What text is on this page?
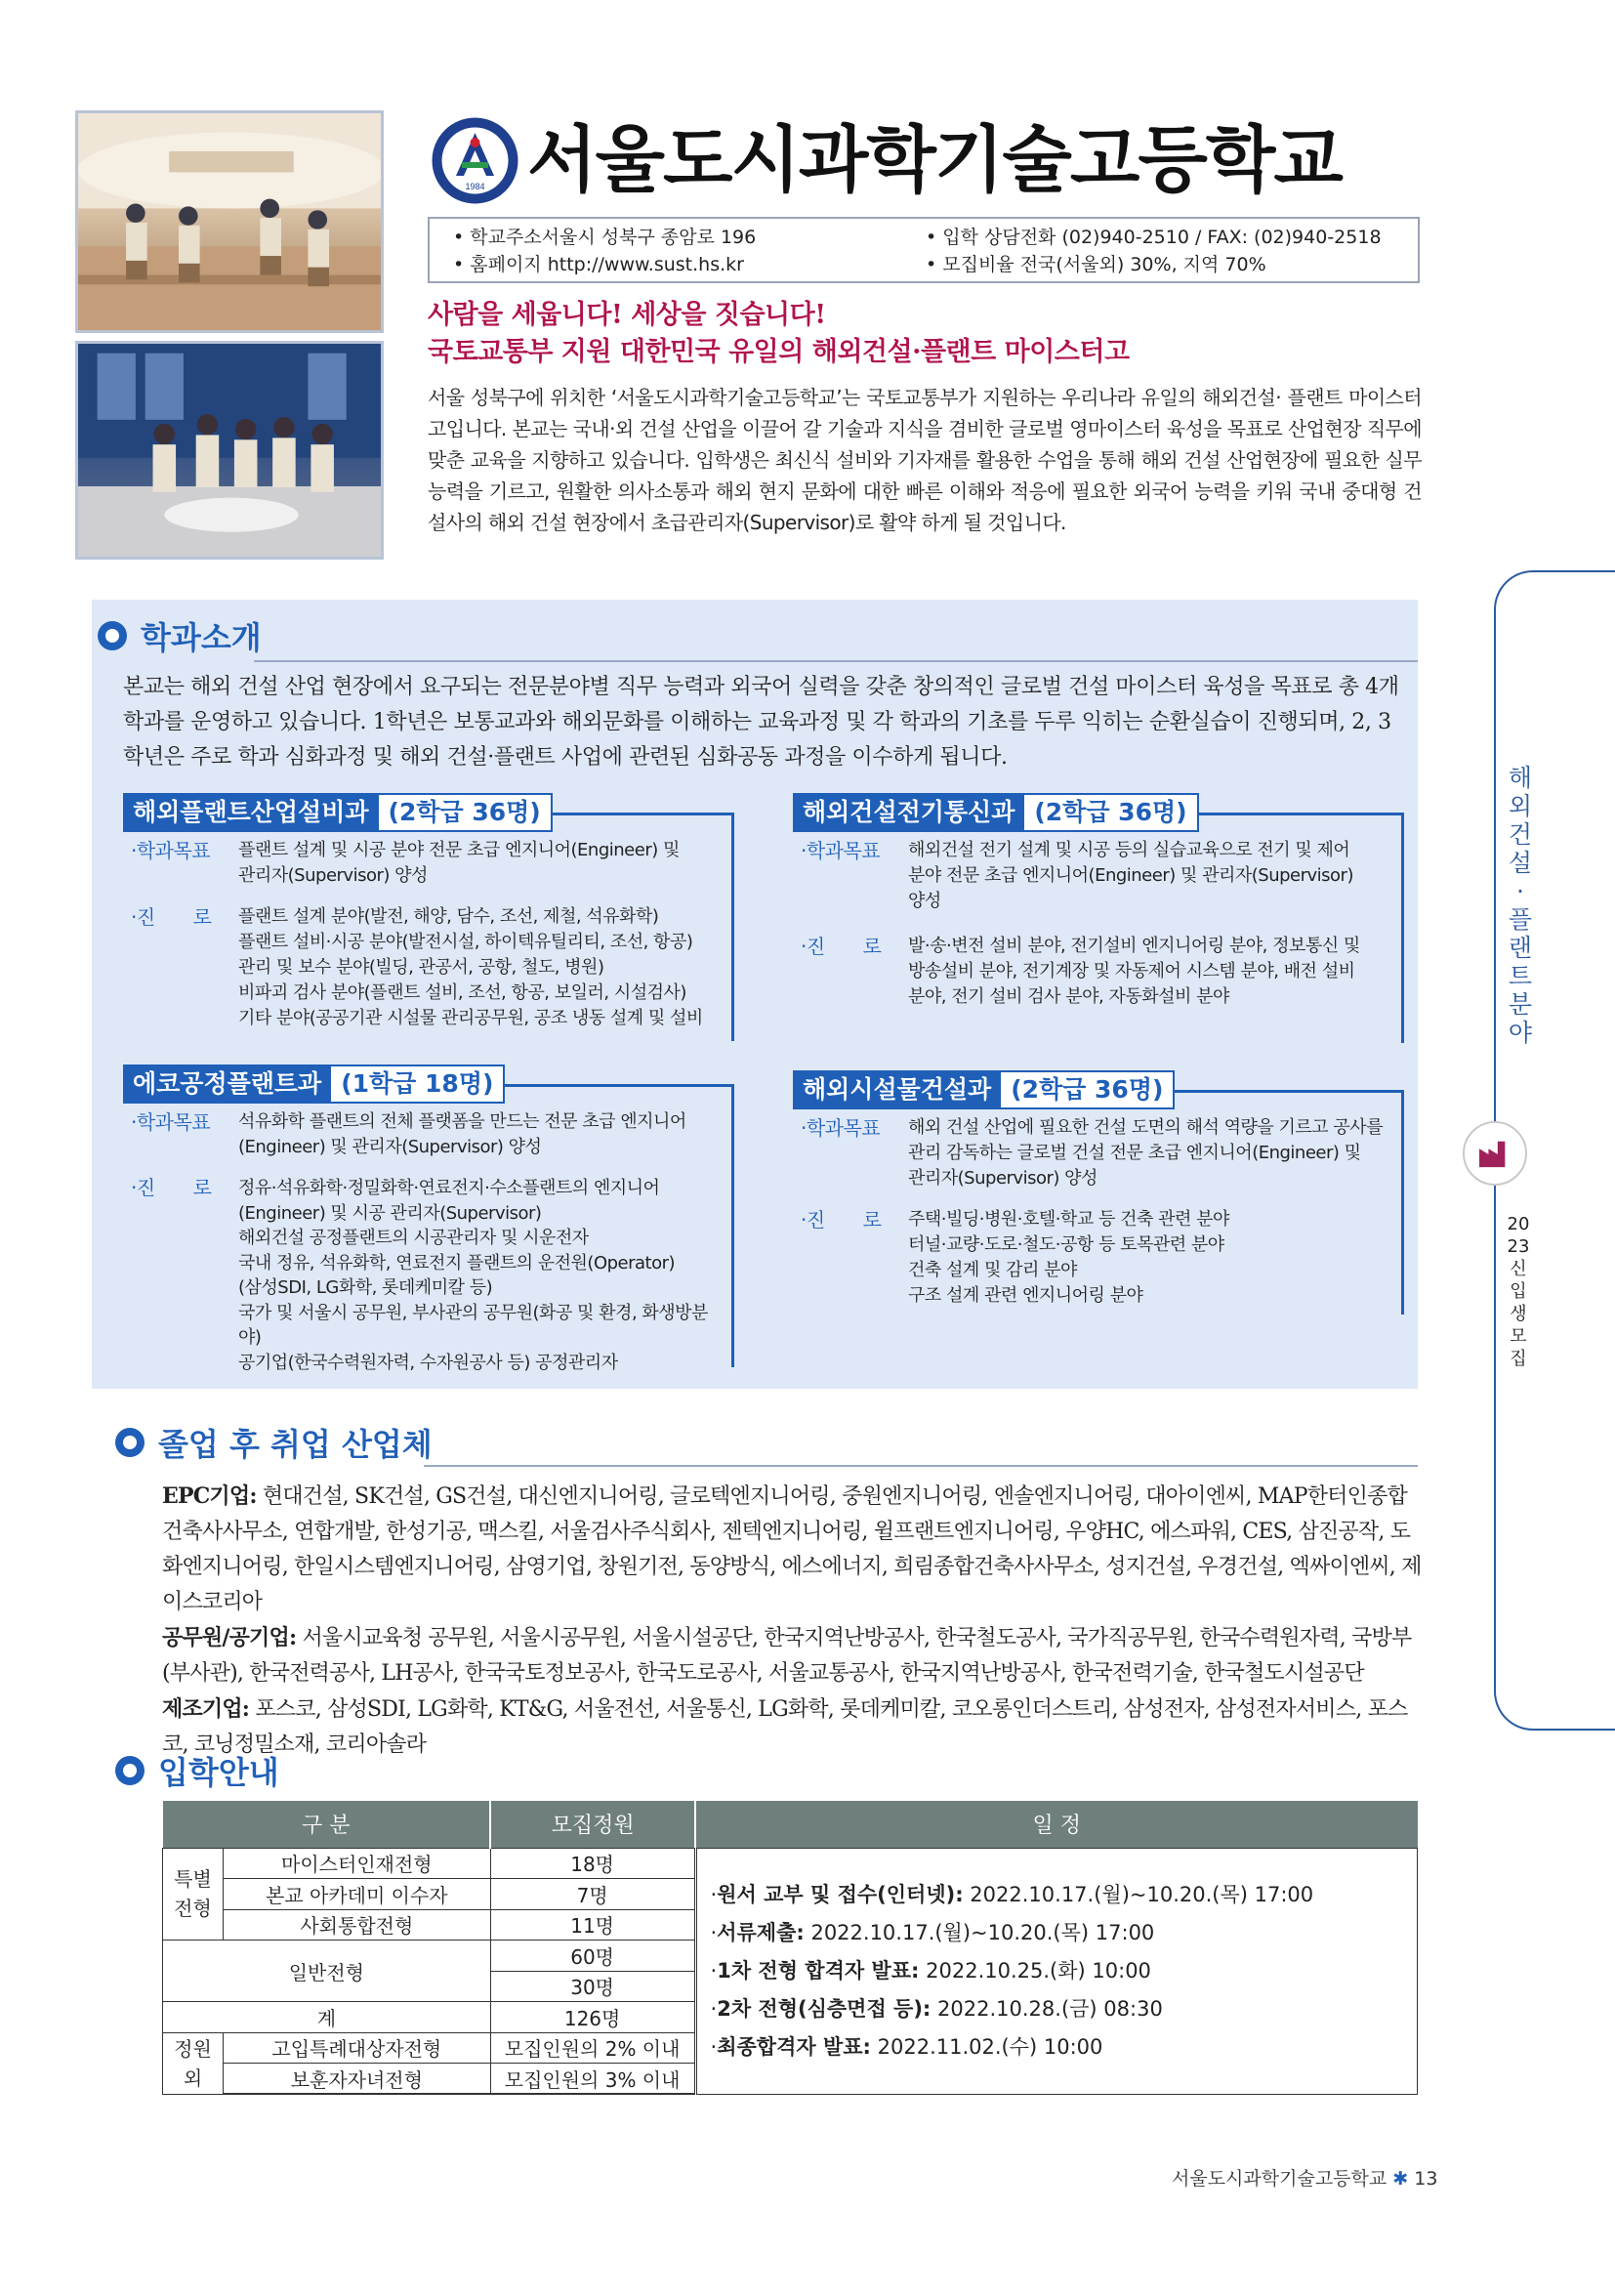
1984 서울도시과학기술고등학교
• 학교주소서울시 성북구 종암로 196
• 홈페이지 http://www.sust.hs.kr
• 입학 상담전화 (02)940-2510 / FAX: (02)940-2518
• 모집비율 전국(서울외) 30%, 지역 70%
사람을 세웁니다! 세상을 짓습니다!
국토교통부 지원 대한민국 유일의 해외건설·플랜트 마이스터고
서울 성북구에 위치한 ‘서울도시과학기술고등학교’는 국토교통부가 지원하는 우리나라 유일의 해외건설· 플랜트 마이스터고입니다. 본교는 국내·외 건설 산업을 이끌어 갈 기술과 지식을 겸비한 글로벌 영마이스터 육성을 목표로 산업현장 직무에 맞춘 교육을 지향하고 있습니다. 입학생은 최신식 설비와 기자재를 활용한 수업을 통해 해외 건설 산업현장에 필요한 실무 능력을 기르고, 원활한 의사소통과 해외 현지 문화에 대한 빠른 이해와 적응에 필요한 외국어 능력을 키워 국내 중대형 건설사의 해외 건설 현장에서 초급관리자(Supervisor)로 활약 하게 될 것입니다.
해외건설·플랜트 분야
2023 신입생 모집
학과소개
본교는 해외 건설 산업 현장에서 요구되는 전문분야별 직무 능력과 외국어 실력을 갖춘 창의적인 글로벌 건설 마이스터 육성을 목표로 총 4개 학과를 운영하고 있습니다. 1학년은 보통교과와 해외문화를 이해하는 교육과정 및 각 학과의 기초를 두루 익히는 순환실습이 진행되며, 2, 3학년은 주로 학과 심화과정 및 해외 건설·플랜트 사업에 관련된 심화공동 과정을 이수하게 됩니다.
해외플랜트산업설비과 (2학급 36명)
·학과목표 플랜트 설계 및 시공 분야 전문 초급 엔지니어(Engineer) 및
관리자(Supervisor) 양성
·진　　로 플랜트 설계 분야(발전, 해양, 담수, 조선, 제철, 석유화학)
플랜트 설비·시공 분야(발전시설, 하이텍유틸리티, 조선, 항공)
관리 및 보수 분야(빌딩, 관공서, 공항, 철도, 병원)
비파괴 검사 분야(플랜트 설비, 조선, 항공, 보일러, 시설검사)
기타 분야(공공기관 시설물 관리공무원, 공조 냉동 설계 및 설비
해외건설전기통신과 (2학급 36명)
·학과목표 해외건설 전기 설계 및 시공 등의 실습교육으로 전기 및 제어
분야 전문 초급 엔지니어(Engineer) 및 관리자(Supervisor)
양성
·진　　로 발·송·변전 설비 분야, 전기설비 엔지니어링 분야, 정보통신 및
방송설비 분야, 전기계장 및 자동제어 시스템 분야, 배전 설비
분야, 전기 설비 검사 분야, 자동화설비 분야
에코공정플랜트과 (1학급 18명)
·학과목표 석유화학 플랜트의 전체 플랫폼을 만드는 전문 초급 엔지니어
(Engineer) 및 관리자(Supervisor) 양성
·진　　로 정유·석유화학·정밀화학·연료전지·수소플랜트의 엔지니어
(Engineer) 및 시공 관리자(Supervisor)
해외건설 공정플랜트의 시공관리자 및 시운전자
국내 정유, 석유화학, 연료전지 플랜트의 운전원(Operator)
(삼성SDI, LG화학, 롯데케미칼 등)
국가 및 서울시 공무원, 부사관의 공무원(화공 및 환경, 화생방분야)
공기업(한국수력원자력, 수자원공사 등) 공정관리자
해외시설물건설과 (2학급 36명)
·학과목표 해외 건설 산업에 필요한 건설 도면의 해석 역량을 기르고 공사를
관리 감독하는 글로벌 건설 전문 초급 엔지니어(Engineer) 및
관리자(Supervisor) 양성
·진　　로 주택·빌딩·병원·호텔·학교 등 건축 관련 분야
터널·교량·도로·철도·공항 등 토목관련 분야
건축 설계 및 감리 분야
구조 설계 관련 엔지니어링 분야
졸업 후 취업 산업체
EPC기업: 현대건설, SK건설, GS건설, 대신엔지니어링, 글로텍엔지니어링, 중원엔지니어링, 엔솔엔지니어링, 대아이엔씨, MAP한터인종합건축사사무소, 연합개발, 한성기공, 맥스킬, 서울검사주식회사, 젠텍엔지니어링, 윌프랜트엔지니어링, 우양HC, 에스파워, CES, 삼진공작, 도화엔지니어링, 한일시스템엔지니어링, 삼영기업, 창원기전, 동양방식, 에스에너지, 희림종합건축사사무소, 성지건설, 우경건설, 엑싸이엔씨, 제이스코리아
공무원/공기업: 서울시교육청 공무원, 서울시공무원, 서울시설공단, 한국지역난방공사, 한국철도공사, 국가직공무원, 한국수력원자력, 국방부(부사관), 한국전력공사, LH공사, 한국국토정보공사, 한국도로공사, 서울교통공사, 한국지역난방공사, 한국전력기술, 한국철도시설공단
제조기업: 포스코, 삼성SDI, LG화학, KT&G, 서울전선, 서울통신, LG화학, 롯데케미칼, 코오롱인더스트리, 삼성전자, 삼성전자서비스, 포스코, 코닝정밀소재, 코리아솔라
입학안내
구 분		모집정원	일 정
특별 전형	마이스터인재전형	18명	·원서 교부 및 접수(인터넷): 2022.10.17.(월)~10.20.(목) 17:00
·서류제출: 2022.10.17.(월)~10.20.(목) 17:00
·1차 전형 합격자 발표: 2022.10.25.(화) 10:00
·2차 전형(심층면접 등): 2022.10.28.(금) 08:30
·최종합격자 발표: 2022.11.02.(수) 10:00

	본교 아카데미 이수자	7명	
	사회통합전형	11명	
일반전형		60명	
		30명	
계		126명	
정원 외	고입특례대상자전형	모집인원의 2% 이내	
	보훈자자녀전형	모집인원의 3% 이내	
서울도시과학기술고등학교 ✱ 13
